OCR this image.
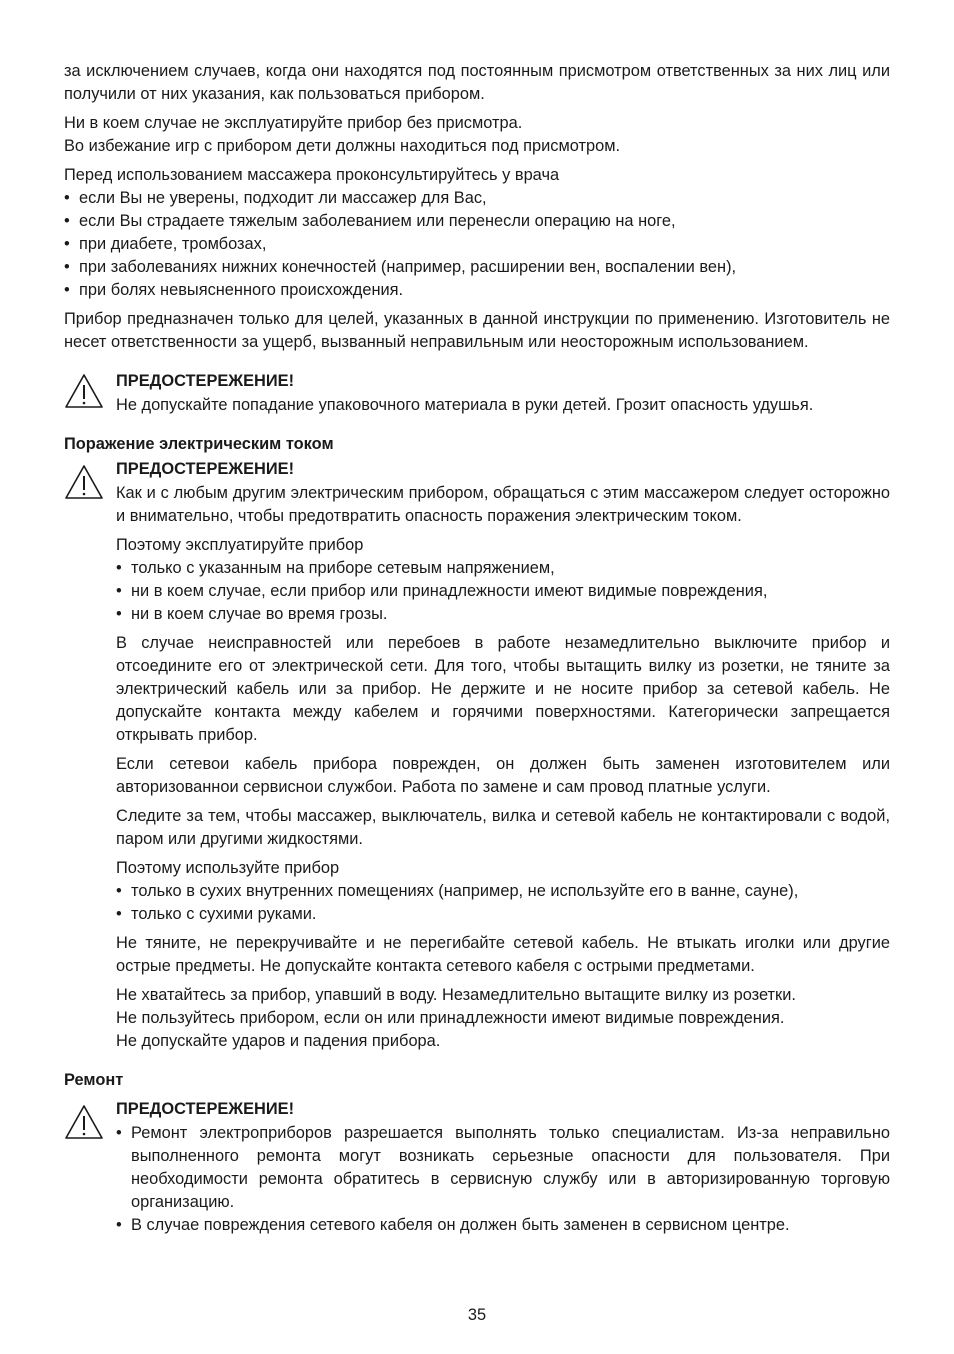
за исключением случаев, когда они находятся под постоянным присмотром ответственных за них лиц или получили от них указания, как пользоваться прибором.

Ни в коем случае не эксплуатируйте прибор без присмотра.
Во избежание игр с прибором дети должны находиться под присмотром.

Перед использованием массажера проконсультируйтесь у врача

• если Вы не уверены, подходит ли массажер для Вас,
• если Вы страдаете тяжелым заболеванием или перенесли операцию на ноге,
• при диабете, тромбозах,
• при заболеваниях нижних конечностей (например, расширении вен, воспалении вен),
• при болях невыясненного происхождения.

Прибор предназначен только для целей, указанных в данной инструкции по применению. Изготовитель не несет ответственности за ущерб, вызванный неправильным или неосторожным использованием.

ПРЕДОСТЕРЕЖЕНИЕ!

Не допускайте попадание упаковочного материала в руки детей. Грозит опасность удушья.

Поражение электрическим током
ПРЕДОСТЕРЕЖЕНИЕ!

Как и с любым другим электрическим прибором, обращаться с этим массажером следует осторожно и внимательно, чтобы предотвратить опасность поражения электрическим током.

Поэтому эксплуатируйте прибор

• только с указанным на приборе сетевым напряжением,
• ни в коем случае, если прибор или принадлежности имеют видимые повреждения,
• ни в коем случае во время грозы.

В случае неисправностей или перебоев в работе незамедлительно выключите прибор и отсоедините его от электрической сети. Для того, чтобы вытащить вилку из розетки, не тяните за электрический кабель или за прибор. Не держите и не носите прибор за сетевой кабель. Не допускайте контакта между кабелем и горячими поверхностями. Категорически запрещается открывать прибор.

Если сетевои кабель прибора поврежден, он должен быть заменен изготовителем или авторизованнои сервиснои службои. Работа по замене и сам провод платные услуги.

Следите за тем, чтобы массажер, выключатель, вилка и сетевой кабель не контактировали с водой, паром или другими жидкостями.

Поэтому используйте прибор

• только в сухих внутренних помещениях (например, не используйте его в ванне, сауне),
• только с сухими руками.

Не тяните, не перекручивайте и не перегибайте сетевой кабель. Не втыкать иголки или другие острые предметы. Не допускайте контакта сетевого кабеля с острыми предметами.

Не хватайтесь за прибор, упавший в воду. Незамедлительно вытащите вилку из розетки.
Не пользуйтесь прибором, если он или принадлежности имеют видимые повреждения.
Не допускайте ударов и падения прибора.

Ремонт
ПРЕДОСТЕРЕЖЕНИЕ!
• Ремонт электроприборов разрешается выполнять только специалистам. Из-за неправильно выполненного ремонта могут возникать серьезные опасности для пользователя. При необходимости ремонта обратитесь в сервисную службу или в авторизированную торговую организацию.
• В случае повреждения сетевого кабеля он должен быть заменен в сервисном центре.
35
